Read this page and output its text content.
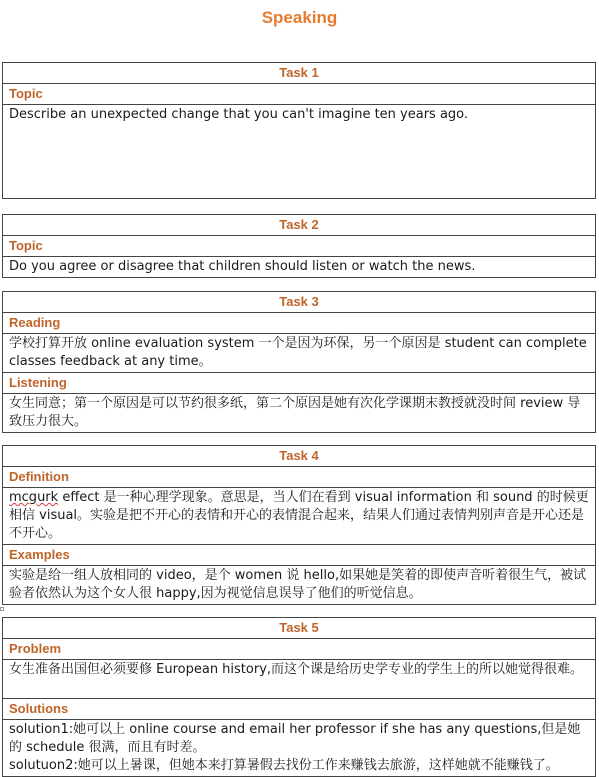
Speaking
Task 1
Topic
Describe an unexpected change that you can't imagine ten years ago.
Task 2
Topic
Do you agree or disagree that children should listen or watch the news.
Task 3
Reading
学校打算开放 online evaluation system 一个是因为环保，另一个原因是 student can complete classes feedback at any time。
Listening
女生同意；第一个原因是可以节约很多纸，第二个原因是她有次化学课期末教授就没时间 review 导致压力很大。
Task 4
Definition
mcgurk effect 是一种心理学现象。意思是，当人们在看到 visual information 和 sound 的时候更相信 visual。实验是把不开心的表情和开心的表情混合起来，结果人们通过表情判别声音是开心还是不开心。
Examples
实验是给一组人放相同的 video，是个 women 说 hello,如果她是笑着的即使声音听着很生气，被试验者依然认为这个女人很 happy,因为视觉信息误导了他们的听觉信息。
Task 5
Problem
女生准备出国但必须要修 European history,而这个课是给历史学专业的学生上的所以她觉得很难。
Solutions

solution1:她可以上 online course and email her professor if she has any questions,但是她的 schedule 很满，而且有时差。
solutuon2:她可以上暑课，但她本来打算暑假去找份工作来赚钱去旅游，这样她就不能赚钱了。
